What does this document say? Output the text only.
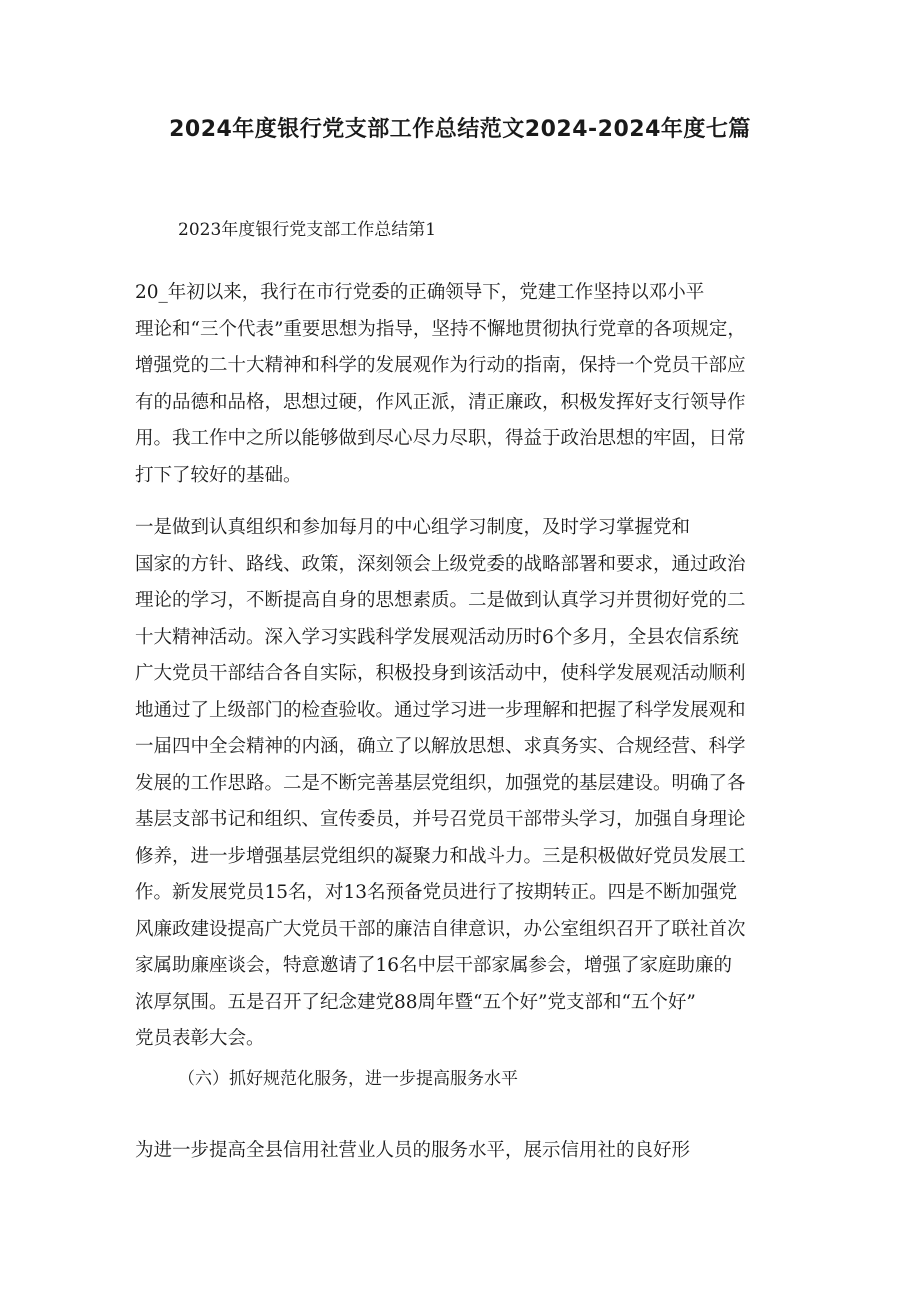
2024年度银行党支部工作总结范文2024-2024年度七篇

2023年度银行党支部工作总结第1

20_年初以来，我行在市行党委的正确领导下，党建工作坚持以邓小平
理论和“三个代表”重要思想为指导，坚持不懈地贯彻执行党章的各项规定，
增强党的二十大精神和科学的发展观作为行动的指南，保持一个党员干部应
有的品德和品格，思想过硬，作风正派，清正廉政，积极发挥好支行领导作
用。我工作中之所以能够做到尽心尽力尽职，得益于政治思想的牢固，日常
打下了较好的基础。
一是做到认真组织和参加每月的中心组学习制度，及时学习掌握党和
国家的方针、路线、政策，深刻领会上级党委的战略部署和要求，通过政治
理论的学习，不断提高自身的思想素质。二是做到认真学习并贯彻好党的二
十大精神活动。深入学习实践科学发展观活动历时6个多月，全县农信系统
广大党员干部结合各自实际，积极投身到该活动中，使科学发展观活动顺利
地通过了上级部门的检查验收。通过学习进一步理解和把握了科学发展观和
一届四中全会精神的内涵，确立了以解放思想、求真务实、合规经营、科学
发展的工作思路。二是不断完善基层党组织，加强党的基层建设。明确了各
基层支部书记和组织、宣传委员，并号召党员干部带头学习，加强自身理论
修养，进一步增强基层党组织的凝聚力和战斗力。三是积极做好党员发展工
作。新发展党员15名，对13名预备党员进行了按期转正。四是不断加强党
风廉政建设提高广大党员干部的廉洁自律意识，办公室组织召开了联社首次
家属助廉座谈会，特意邀请了16名中层干部家属参会，增强了家庭助廉的
浓厚氛围。五是召开了纪念建党88周年暨“五个好”党支部和“五个好”
党员表彰大会。

（六）抓好规范化服务，进一步提高服务水平

为进一步提高全县信用社营业人员的服务水平，展示信用社的良好形
